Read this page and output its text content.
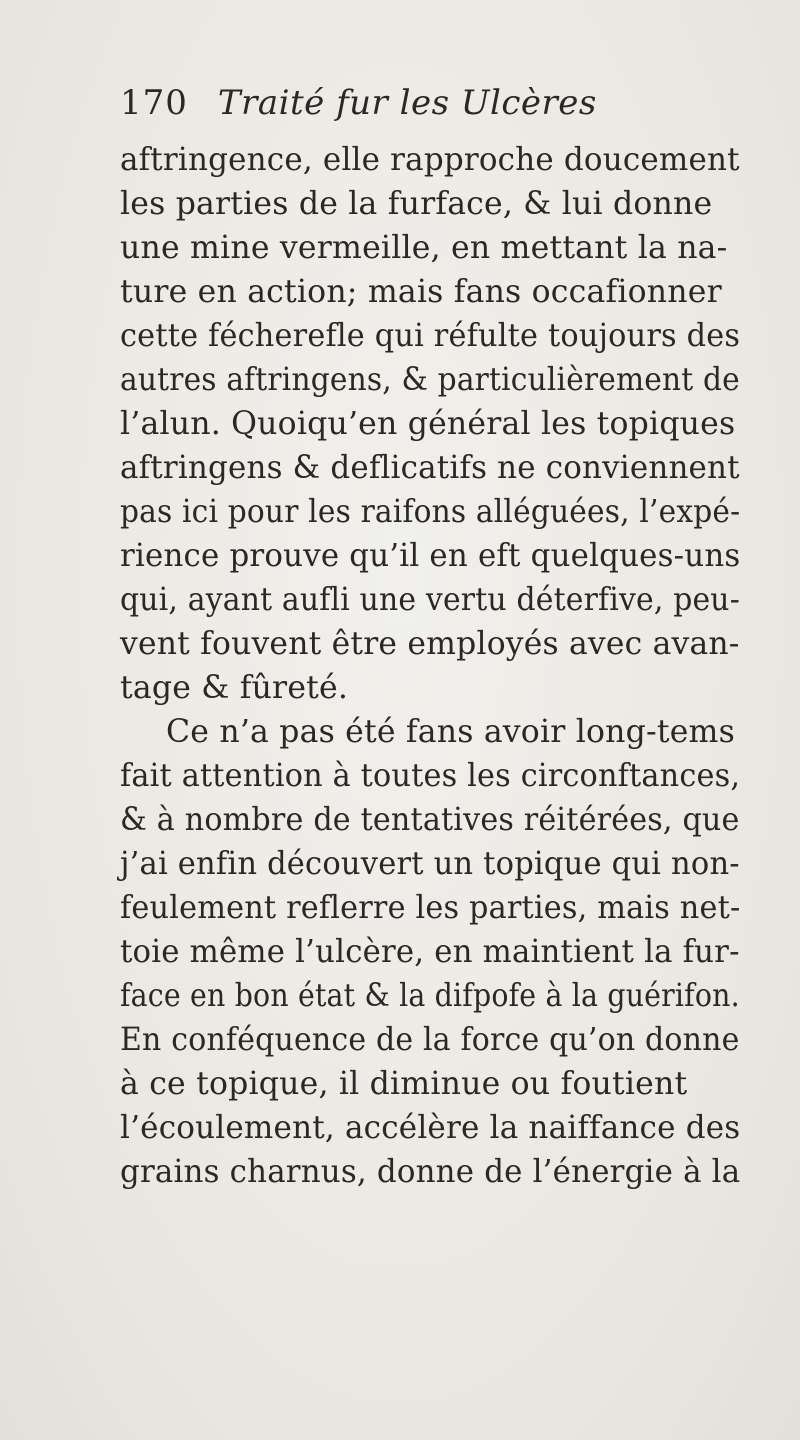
170 Traité fur les Ulcères
aftringence, elle rapproche doucement
les parties de la furface, & lui donne
une mine vermeille, en mettant la na-
ture en action; mais fans occafionner
cette fécherefle qui réfulte toujours des
autres aftringens, & particulièrement de
l’alun. Quoiqu’en général les topiques
aftringens & deflicatifs ne conviennent
pas ici pour les raifons alléguées, l’expé-
rience prouve qu’il en eft quelques-uns
qui, ayant aufli une vertu déterfive, peu-
vent fouvent être employés avec avan-
tage & fûreté.
Ce n’a pas été fans avoir long-tems
fait attention à toutes les circonftances,
& à nombre de tentatives réitérées, que
j’ai enfin découvert un topique qui non-
feulement reflerre les parties, mais net-
toie même l’ulcère, en maintient la fur-
face en bon état & la difpofe à la guérifon.
En conféquence de la force qu’on donne
à ce topique, il diminue ou foutient
l’écoulement, accélère la naiffance des
grains charnus, donne de l’énergie à la
